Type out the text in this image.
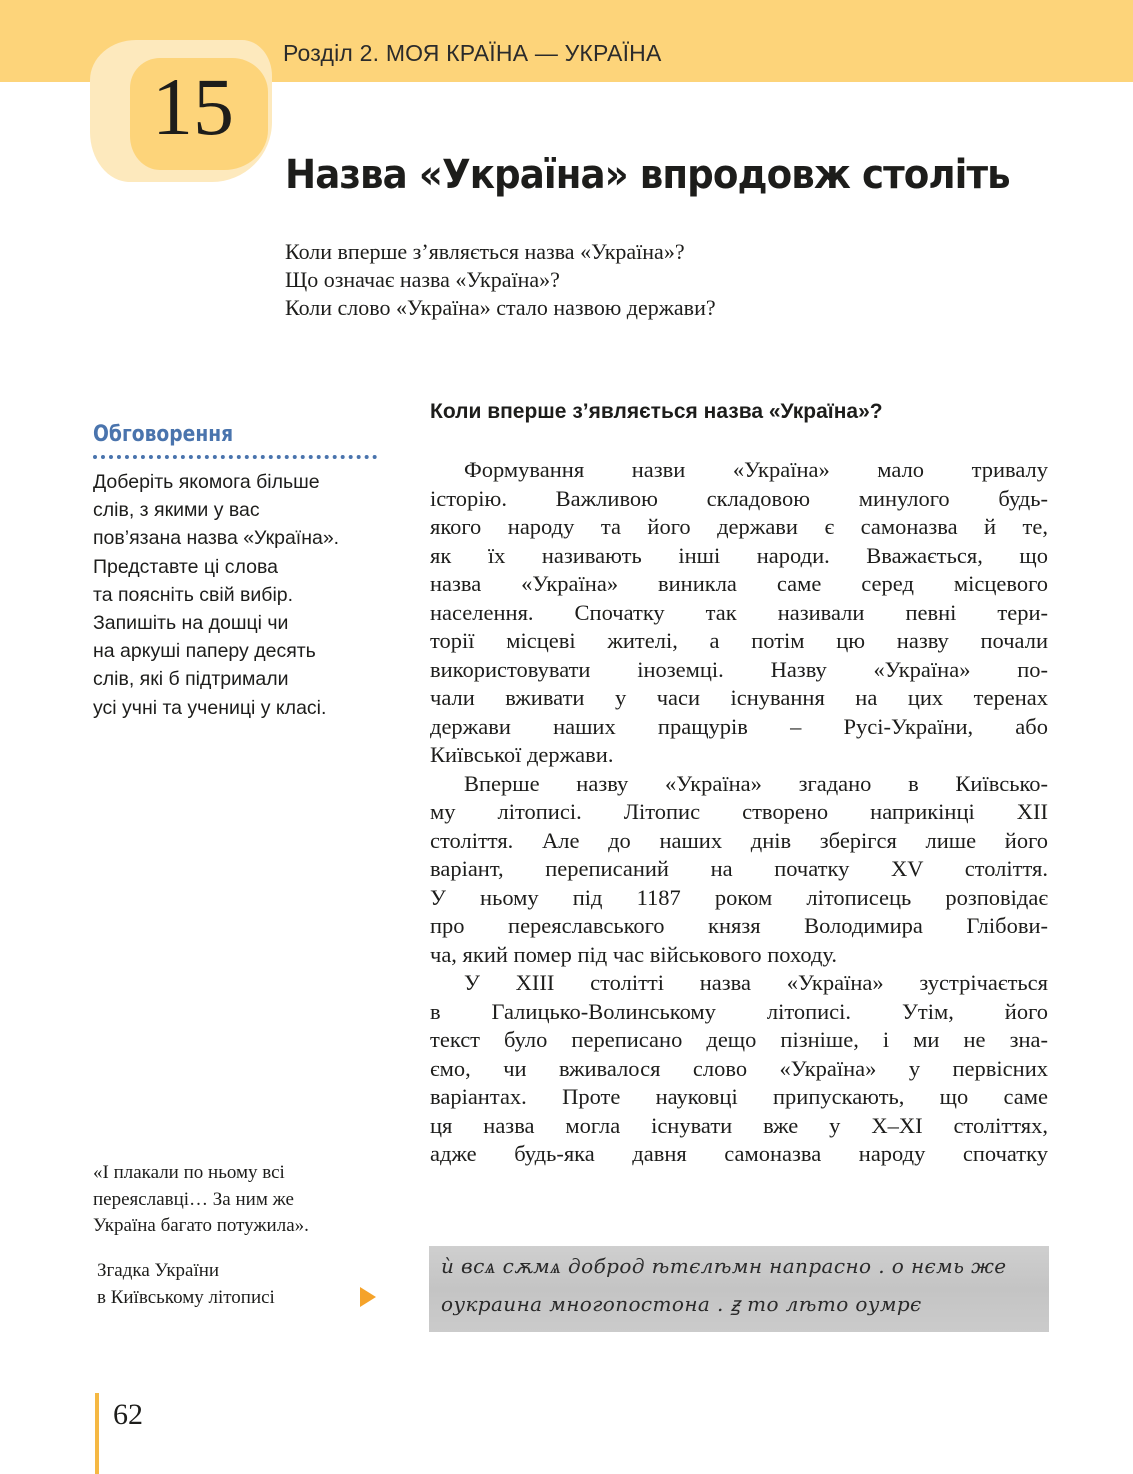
Розділ 2. МОЯ КРАЇНА — УКРАЇНА
15
Назва «Україна» впродовж століть
Коли вперше з’являється назва «Україна»?
Що означає назва «Україна»?
Коли слово «Україна» стало назвою держави?
Обговорення
Доберіть якомога більше
слів, з якими у вас
пов’язана назва «Україна».
Представте ці слова
та поясніть свій вибір.
Запишіть на дошці чи
на аркуші паперу десять
слів, які б підтримали
усі учні та учениці у класі.
Коли вперше з’являється назва «Україна»?
Формування назви «Україна» мало тривалу
історію. Важливою складовою минулого будь-
якого народу та його держави є самоназва й те,
як їх називають інші народи. Вважається, що
назва «Україна» виникла саме серед місцевого
населення. Спочатку так називали певні тери-
торії місцеві жителі, а потім цю назву почали
використовувати іноземці. Назву «Україна» по-
чали вживати у часи існування на цих теренах
держави наших пращурів – Русі-України, або
Київської держави.
Вперше назву «Україна» згадано в Київсько-
му літописі. Літопис створено наприкінці XII
століття. Але до наших днів зберігся лише його
варіант, переписаний на початку XV століття.
У ньому під 1187 роком літописець розповідає
про переяславського князя Володимира Глібови-
ча, який помер під час військового походу.
У XIII столітті назва «Україна» зустрічається
в Галицько-Волинському літописі. Утім, його
текст було переписано дещо пізніше, і ми не зна-
ємо, чи вживалося слово «Україна» у первісних
варіантах. Проте науковці припускають, що саме
ця назва могла існувати вже у X–XI століттях,
адже будь-яка давня самоназва народу спочатку
«І плакали по ньому всі
переяславці… За ним же
Україна багато потужила».
Згадка України
в Київському літописі
ѝ всѧ сѫмѧ доброд ѣтєлѣмн напрасно . о нємь же
оукраина многопостона . ꙃ то лѣто оумрє
62
